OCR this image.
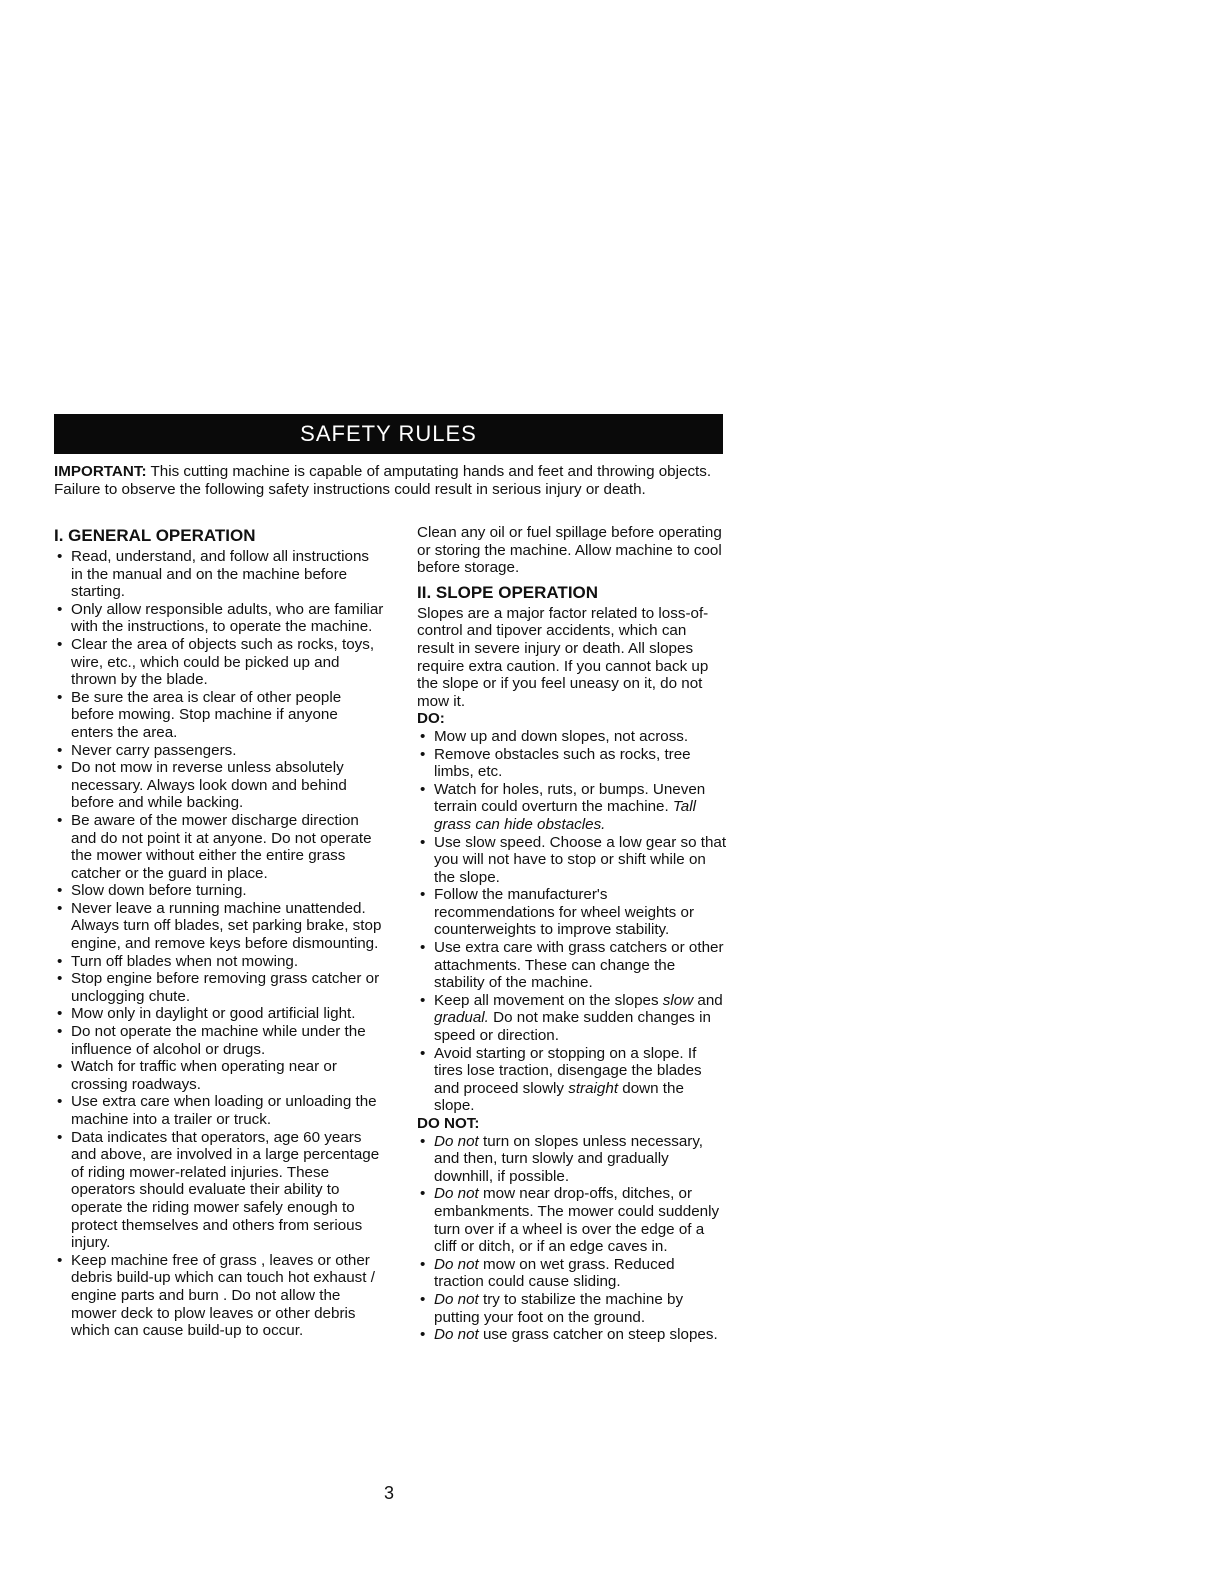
SAFETY RULES

IMPORTANT: This cutting machine is capable of amputating hands and feet and throwing objects. Failure to observe the following safety instructions could result in serious injury or death.

I. GENERAL OPERATION
• Read, understand, and follow all instructions in the manual and on the machine before starting.
• Only allow responsible adults, who are familiar with the instructions, to operate the machine.
• Clear the area of objects such as rocks, toys, wire, etc., which could be picked up and thrown by the blade.
• Be sure the area is clear of other people before mowing. Stop machine if anyone enters the area.
• Never carry passengers.
• Do not mow in reverse unless absolutely necessary. Always look down and behind before and while backing.
• Be aware of the mower discharge direction and do not point it at anyone. Do not operate the mower without either the entire grass catcher or the guard in place.
• Slow down before turning.
• Never leave a running machine unattended. Always turn off blades, set parking brake, stop engine, and remove keys before dismounting.
• Turn off blades when not mowing.
• Stop engine before removing grass catcher or unclogging chute.
• Mow only in daylight or good artificial light.
• Do not operate the machine while under the influence of alcohol or drugs.
• Watch for traffic when operating near or crossing roadways.
• Use extra care when loading or unloading the machine into a trailer or truck.
• Data indicates that operators, age 60 years and above, are involved in a large percentage of riding mower-related injuries. These operators should evaluate their ability to operate the riding mower safely enough to protect themselves and others from serious injury.
• Keep machine free of grass , leaves or other debris build-up which can touch hot exhaust / engine parts and burn . Do not allow the mower deck to plow leaves or other debris which can cause build-up to occur.

Clean any oil or fuel spillage before operating or storing the machine. Allow machine to cool before storage.

II. SLOPE OPERATION

Slopes are a major factor related to loss-of-control and tipover accidents, which can result in severe injury or death. All slopes require extra caution. If you cannot back up the slope or if you feel uneasy on it, do not mow it.

DO:

• Mow up and down slopes, not across.
• Remove obstacles such as rocks, tree limbs, etc.
• Watch for holes, ruts, or bumps. Uneven terrain could overturn the machine. Tall grass can hide obstacles.
• Use slow speed. Choose a low gear so that you will not have to stop or shift while on the slope.
• Follow the manufacturer's recommendations for wheel weights or counterweights to improve stability.
• Use extra care with grass catchers or other attachments. These can change the stability of the machine.
• Keep all movement on the slopes slow and gradual. Do not make sudden changes in speed or direction.
• Avoid starting or stopping on a slope. If tires lose traction, disengage the blades and proceed slowly straight down the slope.

DO NOT:

• Do not turn on slopes unless necessary, and then, turn slowly and gradually downhill, if possible.
• Do not mow near drop-offs, ditches, or embankments. The mower could suddenly turn over if a wheel is over the edge of a cliff or ditch, or if an edge caves in.
• Do not mow on wet grass. Reduced traction could cause sliding.
• Do not try to stabilize the machine by putting your foot on the ground.
• Do not use grass catcher on steep slopes.
3
